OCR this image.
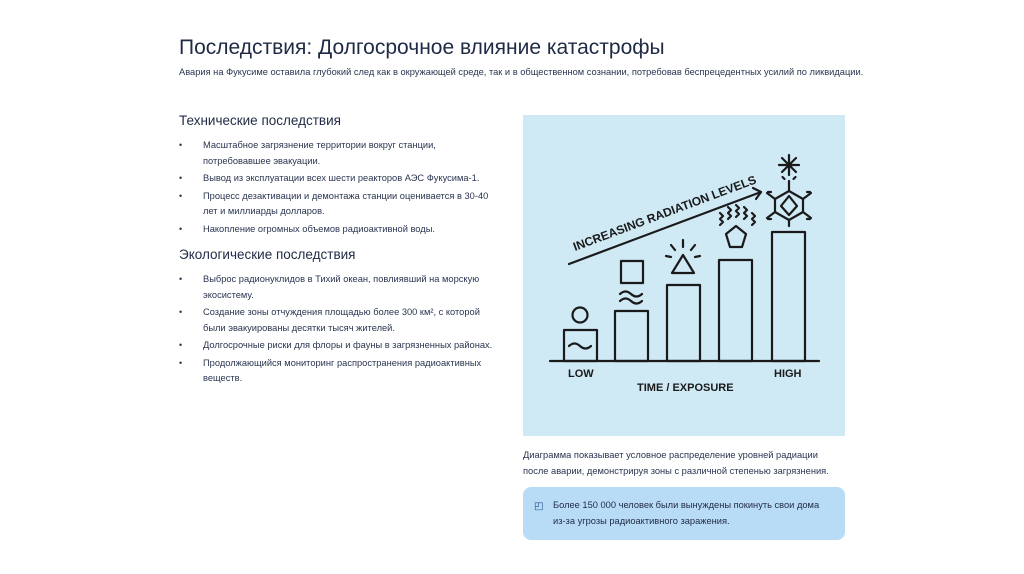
Последствия: Долгосрочное влияние катастрофы
Авария на Фукусиме оставила глубокий след как в окружающей среде, так и в общественном сознании, потребовав беспрецедентных усилий по ликвидации.
Технические последствия
• Масштабное загрязнение территории вокруг станции, потребовавшее эвакуации.
• Вывод из эксплуатации всех шести реакторов АЭС Фукусима-1.
• Процесс дезактивации и демонтажа станции оценивается в 30-40 лет и миллиарды долларов.
• Накопление огромных объемов радиоактивной воды.
Экологические последствия
• Выброс радионуклидов в Тихий океан, повлиявший на морскую экосистему.
• Создание зоны отчуждения площадью более 300 км², с которой были эвакуированы десятки тысяч жителей.
• Долгосрочные риски для флоры и фауны в загрязненных районах.
• Продолжающийся мониторинг распространения радиоактивных веществ.
INCREASING RADIATION LEVELS
LOW	HIGH
TIME / EXPOSURE
Диаграмма показывает условное распределение уровней радиации после аварии, демонстрируя зоны с различной степенью загрязнения.
◰ Более 150 000 человек были вынуждены покинуть свои дома из-за угрозы радиоактивного заражения.
